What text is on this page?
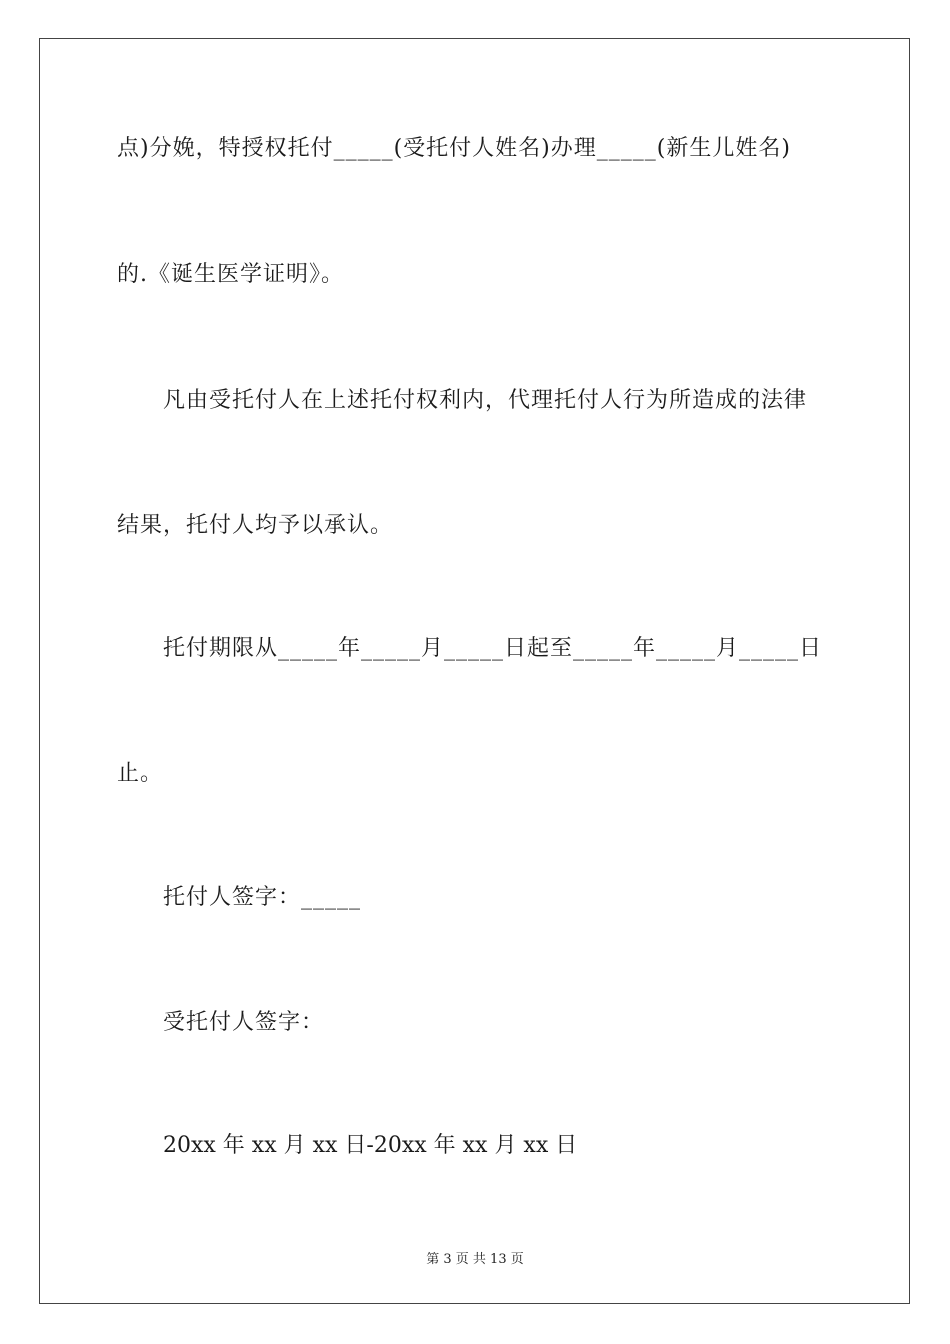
点)分娩，特授权托付_____(受托付人姓名)办理_____(新生儿姓名)
的.《诞生医学证明》。
凡由受托付人在上述托付权利内，代理托付人行为所造成的法律
结果，托付人均予以承认。
托付期限从_____年_____月_____日起至_____年_____月_____日
止。
托付人签字：_____
受托付人签字：
20xx 年 xx 月 xx 日-20xx 年 xx 月 xx 日
第 3 页 共 13 页
